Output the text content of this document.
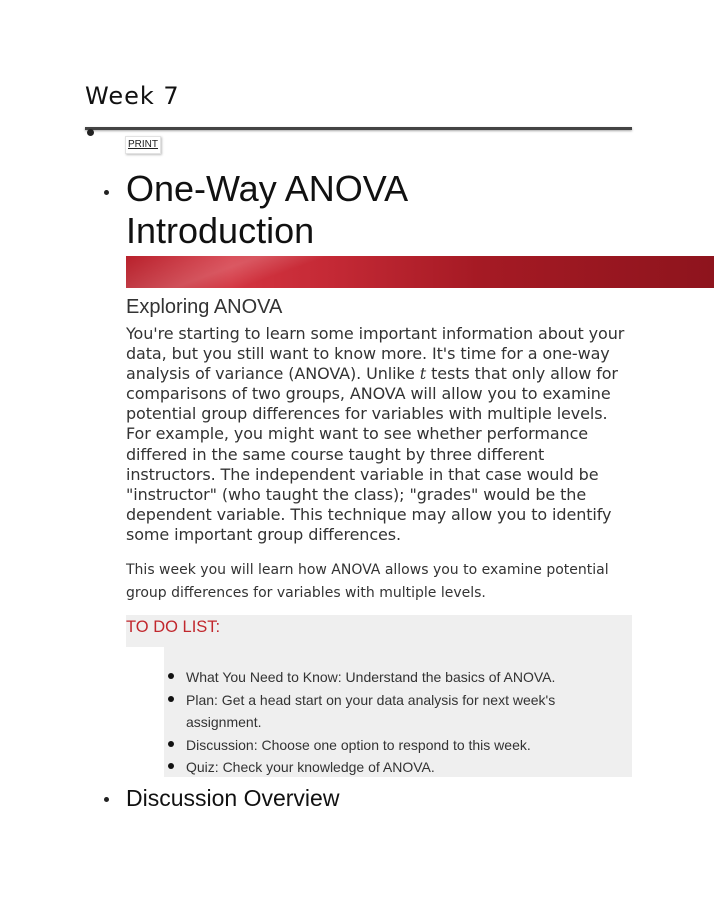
Week 7
PRINT
One-Way ANOVA
Introduction
Exploring ANOVA

You're starting to learn some important information about your data, but you still want to know more. It's time for a one-way analysis of variance (ANOVA). Unlike t tests that only allow for comparisons of two groups, ANOVA will allow you to examine potential group differences for variables with multiple levels. For example, you might want to see whether performance differed in the same course taught by three different instructors. The independent variable in that case would be "instructor" (who taught the class); "grades" would be the dependent variable. This technique may allow you to identify some important group differences.

This week you will learn how ANOVA allows you to examine potential group differences for variables with multiple levels.

TO DO LIST:
What You Need to Know: Understand the basics of ANOVA.
Plan: Get a head start on your data analysis for next week's assignment.
Discussion: Choose one option to respond to this week.
Quiz: Check your knowledge of ANOVA.
Discussion Overview
